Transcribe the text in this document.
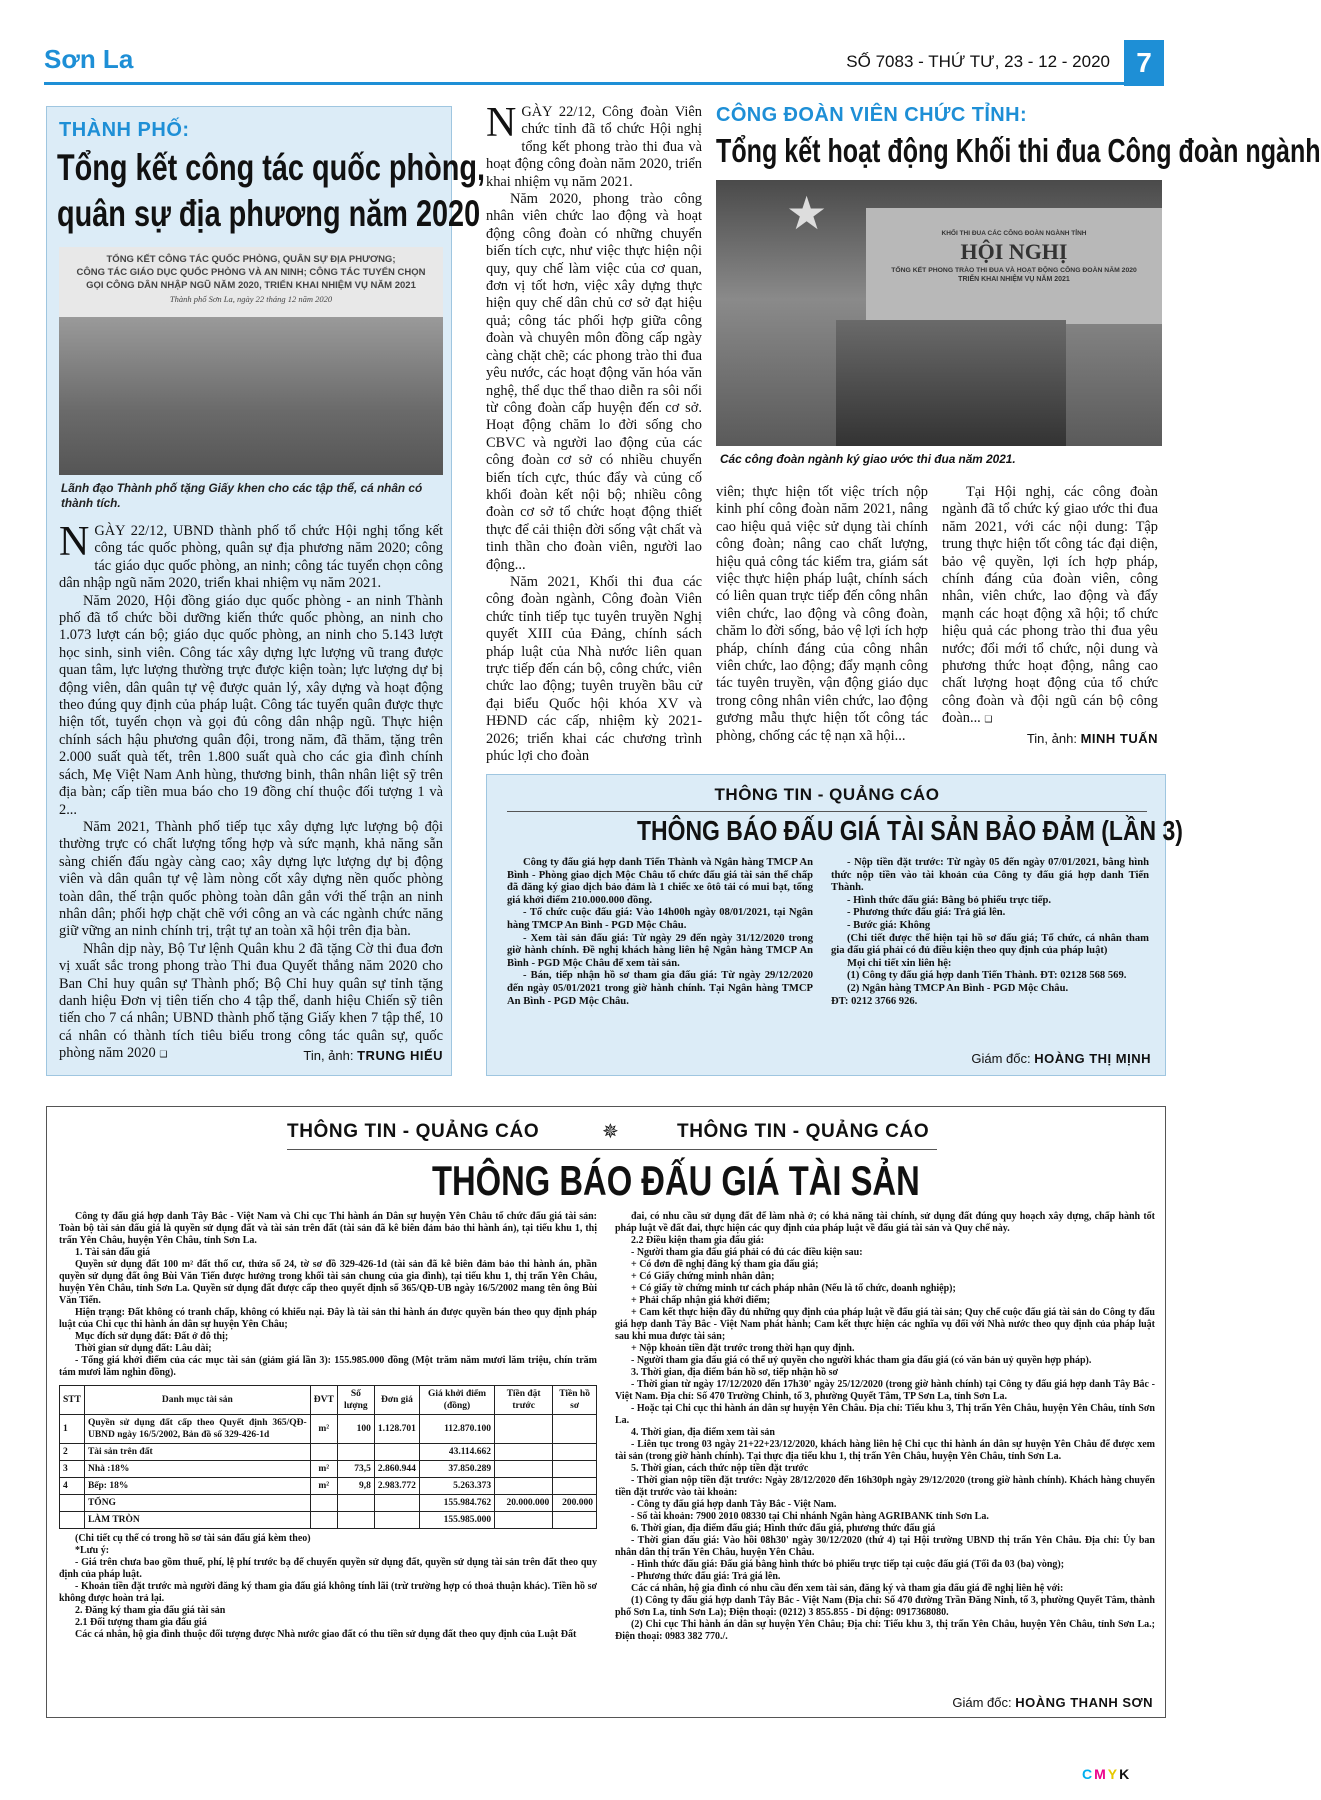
Sơn La	SỐ 7083 - THỨ TƯ, 23 - 12 - 2020 7
THÀNH PHỐ:
Tổng kết công tác quốc phòng,
quân sự địa phương năm 2020
TỔNG KẾT CÔNG TÁC QUỐC PHÒNG, QUÂN SỰ ĐỊA PHƯƠNG;
CÔNG TÁC GIÁO DỤC QUỐC PHÒNG VÀ AN NINH; CÔNG TÁC TUYỂN CHỌN
GỌI CÔNG DÂN NHẬP NGŨ NĂM 2020, TRIỂN KHAI NHIỆM VỤ NĂM 2021
Thành phố Sơn La, ngày 22 tháng 12 năm 2020
Lãnh đạo Thành phố tặng Giấy khen cho các tập thể, cá nhân có thành tích.

NGÀY 22/12, UBND thành phố tổ chức Hội nghị tổng kết công tác quốc phòng, quân sự địa phương năm 2020; công tác giáo dục quốc phòng, an ninh; công tác tuyển chọn công dân nhập ngũ năm 2020, triển khai nhiệm vụ năm 2021.

Năm 2020, Hội đồng giáo dục quốc phòng - an ninh Thành phố đã tổ chức bồi dưỡng kiến thức quốc phòng, an ninh cho 1.073 lượt cán bộ; giáo dục quốc phòng, an ninh cho 5.143 lượt học sinh, sinh viên. Công tác xây dựng lực lượng vũ trang được quan tâm, lực lượng thường trực được kiện toàn; lực lượng dự bị động viên, dân quân tự vệ được quản lý, xây dựng và hoạt động theo đúng quy định của pháp luật. Công tác tuyển quân được thực hiện tốt, tuyển chọn và gọi đủ công dân nhập ngũ. Thực hiện chính sách hậu phương quân đội, trong năm, đã thăm, tặng trên 2.000 suất quà tết, trên 1.800 suất quà cho các gia đình chính sách, Mẹ Việt Nam Anh hùng, thương binh, thân nhân liệt sỹ trên địa bàn; cấp tiền mua báo cho 19 đồng chí thuộc đối tượng 1 và 2...

Năm 2021, Thành phố tiếp tục xây dựng lực lượng bộ đội thường trực có chất lượng tổng hợp và sức mạnh, khả năng sẵn sàng chiến đấu ngày càng cao; xây dựng lực lượng dự bị động viên và dân quân tự vệ làm nòng cốt xây dựng nền quốc phòng toàn dân, thế trận quốc phòng toàn dân gắn với thế trận an ninh nhân dân; phối hợp chặt chẽ với công an và các ngành chức năng giữ vững an ninh chính trị, trật tự an toàn xã hội trên địa bàn.

Nhân dịp này, Bộ Tư lệnh Quân khu 2 đã tặng Cờ thi đua đơn vị xuất sắc trong phong trào Thi đua Quyết thắng năm 2020 cho Ban Chỉ huy quân sự Thành phố; Bộ Chỉ huy quân sự tỉnh tặng danh hiệu Đơn vị tiên tiến cho 4 tập thể, danh hiệu Chiến sỹ tiên tiến cho 7 cá nhân; UBND thành phố tặng Giấy khen 7 tập thể, 10 cá nhân có thành tích tiêu biểu trong công tác quân sự, quốc phòng năm 2020 ❑	Tin, ảnh: TRUNG HIẾU

NGÀY 22/12, Công đoàn Viên chức tỉnh đã tổ chức Hội nghị tổng kết phong trào thi đua và hoạt động công đoàn năm 2020, triển khai nhiệm vụ năm 2021.

Năm 2020, phong trào công nhân viên chức lao động và hoạt động công đoàn có những chuyển biến tích cực, như việc thực hiện nội quy, quy chế làm việc của cơ quan, đơn vị tốt hơn, việc xây dựng thực hiện quy chế dân chủ cơ sở đạt hiệu quả; công tác phối hợp giữa công đoàn và chuyên môn đồng cấp ngày càng chặt chẽ; các phong trào thi đua yêu nước, các hoạt động văn hóa văn nghệ, thể dục thể thao diễn ra sôi nổi từ công đoàn cấp huyện đến cơ sở. Hoạt động chăm lo đời sống cho CBVC và người lao động của các công đoàn cơ sở có nhiều chuyển biến tích cực, thúc đẩy và củng cố khối đoàn kết nội bộ; nhiều công đoàn cơ sở tổ chức hoạt động thiết thực để cải thiện đời sống vật chất và tinh thần cho đoàn viên, người lao động...

Năm 2021, Khối thi đua các công đoàn ngành, Công đoàn Viên chức tỉnh tiếp tục tuyên truyền Nghị quyết XIII của Đảng, chính sách pháp luật của Nhà nước liên quan trực tiếp đến cán bộ, công chức, viên chức lao động; tuyên truyền bầu cử đại biểu Quốc hội khóa XV và HĐND các cấp, nhiệm kỳ 2021-2026; triển khai các chương trình phúc lợi cho đoàn

CÔNG ĐOÀN VIÊN CHỨC TỈNH:
Tổng kết hoạt động Khối thi đua Công đoàn ngành
KHỐI THI ĐUA CÁC CÔNG ĐOÀN NGÀNH TỈNH
HỘI NGHỊ
TỔNG KẾT PHONG TRÀO THI ĐUA VÀ HOẠT ĐỘNG CÔNG ĐOÀN NĂM 2020
TRIỂN KHAI NHIỆM VỤ NĂM 2021
★
Các công đoàn ngành ký giao ước thi đua năm 2021.

viên; thực hiện tốt việc trích nộp kinh phí công đoàn năm 2021, nâng cao hiệu quả việc sử dụng tài chính công đoàn; nâng cao chất lượng, hiệu quả công tác kiểm tra, giám sát việc thực hiện pháp luật, chính sách có liên quan trực tiếp đến công nhân viên chức, lao động và công đoàn, chăm lo đời sống, bảo vệ lợi ích hợp pháp, chính đáng của công nhân viên chức, lao động; đẩy mạnh công tác tuyên truyền, vận động giáo dục trong công nhân viên chức, lao động gương mẫu thực hiện tốt công tác phòng, chống các tệ nạn xã hội...

Tại Hội nghị, các công đoàn ngành đã tổ chức ký giao ước thi đua năm 2021, với các nội dung: Tập trung thực hiện tốt công tác đại diện, bảo vệ quyền, lợi ích hợp pháp, chính đáng của đoàn viên, công nhân, viên chức, lao động và đẩy mạnh các hoạt động xã hội; tổ chức hiệu quả các phong trào thi đua yêu nước; đổi mới tổ chức, nội dung và phương thức hoạt động, nâng cao chất lượng hoạt động của tổ chức công đoàn và đội ngũ cán bộ công đoàn... ❑

Tin, ảnh: MINH TUẤN
THÔNG TIN - QUẢNG CÁO
THÔNG BÁO ĐẤU GIÁ TÀI SẢN BẢO ĐẢM (LẦN 3)

Công ty đấu giá hợp danh Tiến Thành và Ngân hàng TMCP An Bình - Phòng giao dịch Mộc Châu tổ chức đấu giá tài sản thế chấp đã đăng ký giao dịch bảo đảm là 1 chiếc xe ôtô tải có mui bạt, tổng giá khởi điểm 210.000.000 đồng.

- Tổ chức cuộc đấu giá: Vào 14h00h ngày 08/01/2021, tại Ngân hàng TMCP An Bình - PGD Mộc Châu.

- Xem tài sản đấu giá: Từ ngày 29 đến ngày 31/12/2020 trong giờ hành chính. Đề nghị khách hàng liên hệ Ngân hàng TMCP An Bình - PGD Mộc Châu để xem tài sản.

- Bán, tiếp nhận hồ sơ tham gia đấu giá: Từ ngày 29/12/2020 đến ngày 05/01/2021 trong giờ hành chính. Tại Ngân hàng TMCP An Bình - PGD Mộc Châu.

- Nộp tiền đặt trước: Từ ngày 05 đến ngày 07/01/2021, bằng hình thức nộp tiền vào tài khoản của Công ty đấu giá hợp danh Tiến Thành.

- Hình thức đấu giá: Bằng bỏ phiếu trực tiếp.

- Phương thức đấu giá: Trả giá lên.

- Bước giá: Không

(Chi tiết được thể hiện tại hồ sơ đấu giá; Tổ chức, cá nhân tham gia đấu giá phải có đủ điều kiện theo quy định của pháp luật)

Mọi chi tiết xin liên hệ:

(1) Công ty đấu giá hợp danh Tiến Thành. ĐT: 02128 568 569.

(2) Ngân hàng TMCP An Bình - PGD Mộc Châu.

ĐT: 0212 3766 926.

Giám đốc: HOÀNG THỊ MỊNH
THÔNG TIN - QUẢNG CÁO	✵	THÔNG TIN - QUẢNG CÁO
THÔNG BÁO ĐẤU GIÁ TÀI SẢN

Công ty đấu giá hợp danh Tây Bắc - Việt Nam và Chi cục Thi hành án Dân sự huyện Yên Châu tổ chức đấu giá tài sản: Toàn bộ tài sản đấu giá là quyền sử dụng đất và tài sản trên đất (tài sản đã kê biên đảm bảo thi hành án), tại tiểu khu 1, thị trấn Yên Châu, huyện Yên Châu, tỉnh Sơn La.

1. Tài sản đấu giá

Quyền sử dụng đất 100 m² đất thổ cư, thửa số 24, tờ sơ đồ 329-426-1d (tài sản đã kê biên đảm bảo thi hành án, phần quyền sử dụng đất ông Bùi Văn Tiến được hưởng trong khối tài sản chung của gia đình), tại tiểu khu 1, thị trấn Yên Châu, huyện Yên Châu, tỉnh Sơn La. Quyền sử dụng đất được cấp theo quyết định số 365/QĐ-UB ngày 16/5/2002 mang tên ông Bùi Văn Tiến.

Hiện trạng: Đất không có tranh chấp, không có khiếu nại. Đây là tài sản thi hành án được quyền bán theo quy định pháp luật của Chi cục thi hành án dân sự huyện Yên Châu;

Mục đích sử dụng đất: Đất ở đô thị;

Thời gian sử dụng đất: Lâu dài;

- Tổng giá khởi điểm của các mục tài sản (giảm giá lần 3): 155.985.000 đồng (Một trăm năm mươi lăm triệu, chín trăm tám mươi lăm nghìn đồng).

STT	Danh mục tài sản	ĐVT	Số lượng	Đơn giá	Giá khởi điểm (đồng)	Tiền đặt trước	Tiền hồ sơ
1	Quyền sử dụng đất cấp theo Quyết định 365/QĐ-UBND ngày 16/5/2002, Bản đồ số 329-426-1d	m²	100	1.128.701	112.870.100		
2	Tài sản trên đất				43.114.662		
3	Nhà :18%	m²	73,5	2.860.944	37.850.289		
4	Bếp: 18%	m²	9,8	2.983.772	5.263.373		
	TỔNG				155.984.762	20.000.000	200.000
	LÀM TRÒN				155.985.000		

(Chi tiết cụ thể có trong hồ sơ tài sản đấu giá kèm theo)

*Lưu ý:

- Giá trên chưa bao gồm thuế, phí, lệ phí trước bạ để chuyển quyền sử dụng đất, quyền sử dụng tài sản trên đất theo quy định của pháp luật.

- Khoản tiền đặt trước mà người đăng ký tham gia đấu giá không tính lãi (trừ trường hợp có thoả thuận khác). Tiền hồ sơ không được hoàn trả lại.

2. Đăng ký tham gia đấu giá tài sản

2.1 Đối tượng tham gia đấu giá

Các cá nhân, hộ gia đình thuộc đối tượng được Nhà nước giao đất có thu tiền sử dụng đất theo quy định của Luật Đất

đai, có nhu cầu sử dụng đất để làm nhà ở; có khả năng tài chính, sử dụng đất đúng quy hoạch xây dựng, chấp hành tốt pháp luật về đất đai, thực hiện các quy định của pháp luật về đấu giá tài sản và Quy chế này.

2.2 Điều kiện tham gia đấu giá:

- Người tham gia đấu giá phải có đủ các điều kiện sau:

+ Có đơn đề nghị đăng ký tham gia đấu giá;

+ Có Giấy chứng minh nhân dân;

+ Có giấy tờ chứng minh tư cách pháp nhân (Nếu là tổ chức, doanh nghiệp);

+ Phải chấp nhận giá khởi điểm;

+ Cam kết thực hiện đầy đủ những quy định của pháp luật về đấu giá tài sản; Quy chế cuộc đấu giá tài sản do Công ty đấu giá hợp danh Tây Bắc - Việt Nam phát hành; Cam kết thực hiện các nghĩa vụ đối với Nhà nước theo quy định của pháp luật sau khi mua được tài sản;

+ Nộp khoản tiền đặt trước trong thời hạn quy định.

- Người tham gia đấu giá có thể uỷ quyền cho người khác tham gia đấu giá (có văn bản uỷ quyền hợp pháp).

3. Thời gian, địa điểm bán hồ sơ, tiếp nhận hồ sơ

- Thời gian từ ngày 17/12/2020 đến 17h30' ngày 25/12/2020 (trong giờ hành chính) tại Công ty đấu giá hợp danh Tây Bắc - Việt Nam. Địa chỉ: Số 470 Trường Chinh, tổ 3, phường Quyết Tâm, TP Sơn La, tỉnh Sơn La.

- Hoặc tại Chi cục thi hành án dân sự huyện Yên Châu. Địa chỉ: Tiểu khu 3, Thị trấn Yên Châu, huyện Yên Châu, tỉnh Sơn La.

4. Thời gian, địa điểm xem tài sản

- Liên tục trong 03 ngày 21+22+23/12/2020, khách hàng liên hệ Chi cục thi hành án dân sự huyện Yên Châu để được xem tài sản (trong giờ hành chính). Tại thực địa tiểu khu 1, thị trấn Yên Châu, huyện Yên Châu, tỉnh Sơn La.

5. Thời gian, cách thức nộp tiền đặt trước

- Thời gian nộp tiền đặt trước: Ngày 28/12/2020 đến 16h30ph ngày 29/12/2020 (trong giờ hành chính). Khách hàng chuyển tiền đặt trước vào tài khoản:

- Công ty đấu giá hợp danh Tây Bắc - Việt Nam.

- Số tài khoản: 7900 2010 08330 tại Chi nhánh Ngân hàng AGRIBANK tỉnh Sơn La.

6. Thời gian, địa điểm đấu giá; Hình thức đấu giá, phương thức đấu giá

- Thời gian đấu giá: Vào hồi 08h30' ngày 30/12/2020 (thứ 4) tại Hội trường UBND thị trấn Yên Châu. Địa chỉ: Ủy ban nhân dân thị trấn Yên Châu, huyện Yên Châu.

- Hình thức đấu giá: Đấu giá bằng hình thức bỏ phiếu trực tiếp tại cuộc đấu giá (Tối đa 03 (ba) vòng);

- Phương thức đấu giá: Trả giá lên.

Các cá nhân, hộ gia đình có nhu cầu đến xem tài sản, đăng ký và tham gia đấu giá đề nghị liên hệ với:

(1) Công ty đấu giá hợp danh Tây Bắc - Việt Nam (Địa chỉ: Số 470 đường Trần Đăng Ninh, tổ 3, phường Quyết Tâm, thành phố Sơn La, tỉnh Sơn La); Điện thoại: (0212) 3 855.855 - Di động: 0917368080.

(2) Chi cục Thi hành án dân sự huyện Yên Châu; Địa chỉ: Tiểu khu 3, thị trấn Yên Châu, huyện Yên Châu, tỉnh Sơn La.; Điện thoại: 0983 382 770./.

Giám đốc: HOÀNG THANH SƠN
CMYK
